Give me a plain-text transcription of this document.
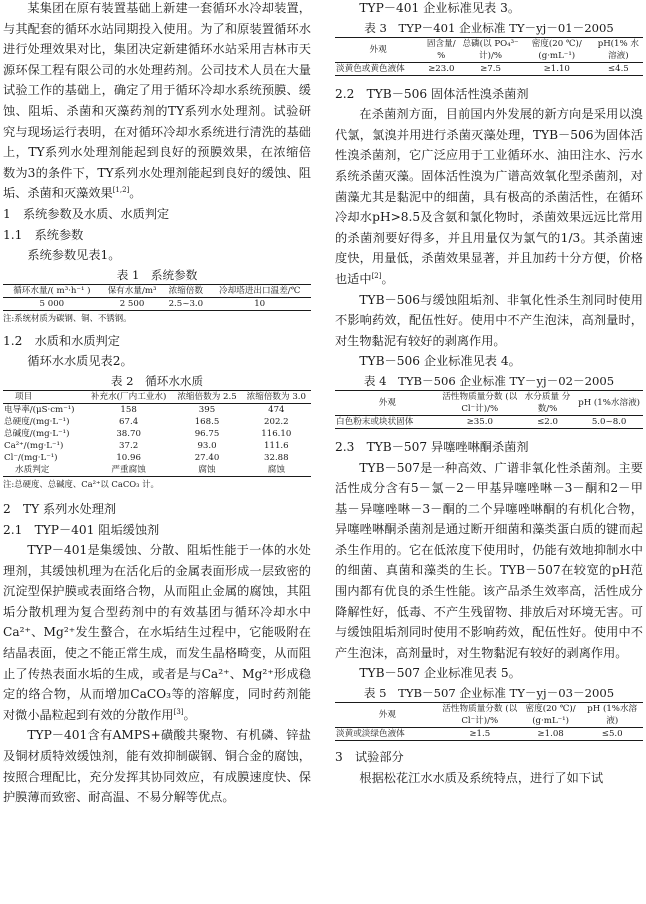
某集团在原有装置基础上新建一套循环水冷却装置，与其配套的循环水站同期投入使用。为了和原装置循环水进行处理效果对比，集团决定新建循环水站采用吉林市天源环保工程有限公司的水处理药剂。公司技术人员在大量试验工作的基础上，确定了用于循环冷却水系统预膜、缓蚀、阻垢、杀菌和灭藻药剂的TY系列水处理剂。试验研究与现场运行表明，在对循环冷却水系统进行清洗的基础上，TY系列水处理剂能起到良好的预膜效果，在浓缩倍数为3的条件下，TY系列水处理剂能起到良好的缓蚀、阻垢、杀菌和灭藻效果[1,2]。

1　系统参数及水质、水质判定
1.1　系统参数

系统参数见表1。

表 1　系统参数
循环水量/( m³·h⁻¹ )	保有水量/m³	浓缩倍数	冷却塔进出口温差/℃
5 000	2 500	2.5~3.0	10
注:系统材质为碳钢、铜、不锈钢。
1.2　水质和水质判定

循环水水质见表2。

表 2　循环水水质
项目	补充水(厂内工业水)	浓缩倍数为 2.5	浓缩倍数为 3.0
电导率/(μS·cm⁻¹)	158	395	474
总硬度/(mg·L⁻¹)	67.4	168.5	202.2
总碱度/(mg·L⁻¹)	38.70	96.75	116.10
Ca²⁺/(mg·L⁻¹)	37.2	93.0	111.6
Cl⁻/(mg·L⁻¹)	10.96	27.40	32.88
水质判定	严重腐蚀	腐蚀	腐蚀
注:总硬度、总碱度、Ca²⁺以 CaCO₃ 计。
2　TY 系列水处理剂
2.1　TYP－401 阻垢缓蚀剂

TYP－401是集缓蚀、分散、阻垢性能于一体的水处理剂，其缓蚀机理为在活化后的金属表面形成一层致密的沉淀型保护膜或表面络合物，从而阻止金属的腐蚀，其阻垢分散机理为复合型药剂中的有效基团与循环冷却水中Ca²⁺、Mg²⁺发生螯合，在水垢结生过程中，它能吸附在结晶表面，使之不能正常生成，而发生晶格畸变，从而阻止了传热表面水垢的生成，或者是与Ca²⁺、Mg²⁺形成稳定的络合物，从而增加CaCO₃等的溶解度，同时药剂能对微小晶粒起到有效的分散作用[3]。

TYP－401含有AMPS+磺酸共聚物、有机磷、锌盐及铜材质特效缓蚀剂，能有效抑制碳钢、铜合金的腐蚀，按照合理配比，充分发挥其协同效应，有成膜速度快、保护膜薄而致密、耐高温、不易分解等优点。

TYP－401 企业标准见表 3。

表 3　TYP－401 企业标准 TY－yj－01－2005
外观	固含量/ %	总磷(以 PO₄³⁻计)/%	密度(20 ℃)/ (g·mL⁻¹)	pH(1% 水溶液)
淡黄色或黄色液体	≥23.0	≥7.5	≥1.10	≤4.5
2.2　TYB－506 固体活性溴杀菌剂

在杀菌剂方面，目前国内外发展的新方向是采用以溴代氯，氯溴并用进行杀菌灭藻处理，TYB－506为固体活性溴杀菌剂，它广泛应用于工业循环水、油田注水、污水系统杀菌灭藻。固体活性溴为广谱高效氧化型杀菌剂，对菌藻尤其是黏泥中的细菌，具有极高的杀菌活性，在循环冷却水pH>8.5及含氨和氯化物时，杀菌效果远远比常用的杀菌剂要好得多，并且用量仅为氯气的1/3。其杀菌速度快，用量低，杀菌效果显著，并且加药十分方便，价格也适中[2]。

TYB－506与缓蚀阻垢剂、非氧化性杀生剂同时使用不影响药效，配伍性好。使用中不产生泡沫，高剂量时，对生物黏泥有较好的剥离作用。

TYB－506 企业标准见表 4。

表 4　TYB－506 企业标准 TY－yj－02－2005
外观	活性物质量分数 (以 Cl⁻计)/%	水分质量 分数/%	pH (1%水溶液)
白色粉末或块状固体	≥35.0	≤2.0	5.0~8.0
2.3　TYB－507 异噻唑啉酮杀菌剂

TYB－507是一种高效、广谱非氧化性杀菌剂。主要活性成分含有5－氯－2－甲基异噻唑啉－3－酮和2－甲基－异噻唑啉－3－酮的二个异噻唑啉酮的有机化合物，异噻唑啉酮杀菌剂是通过断开细菌和藻类蛋白质的键而起杀生作用的。它在低浓度下使用时，仍能有效地抑制水中的细菌、真菌和藻类的生长。TYB－507在较宽的pH范围内都有优良的杀生性能。该产品杀生效率高，活性成分降解性好，低毒、不产生残留物、排放后对环境无害。可与缓蚀阻垢剂同时使用不影响药效，配伍性好。使用中不产生泡沫，高剂量时，对生物黏泥有较好的剥离作用。

TYB－507 企业标准见表 5。

表 5　TYB－507 企业标准 TY－yj－03－2005
外观	活性物质量分数 (以 Cl⁻计)/%	密度(20 ℃)/ (g·mL⁻¹)	pH (1%水溶液)
淡黄或淡绿色液体	≥1.5	≥1.08	≤5.0
3　试验部分

根据松花江水水质及系统特点，进行了如下试
